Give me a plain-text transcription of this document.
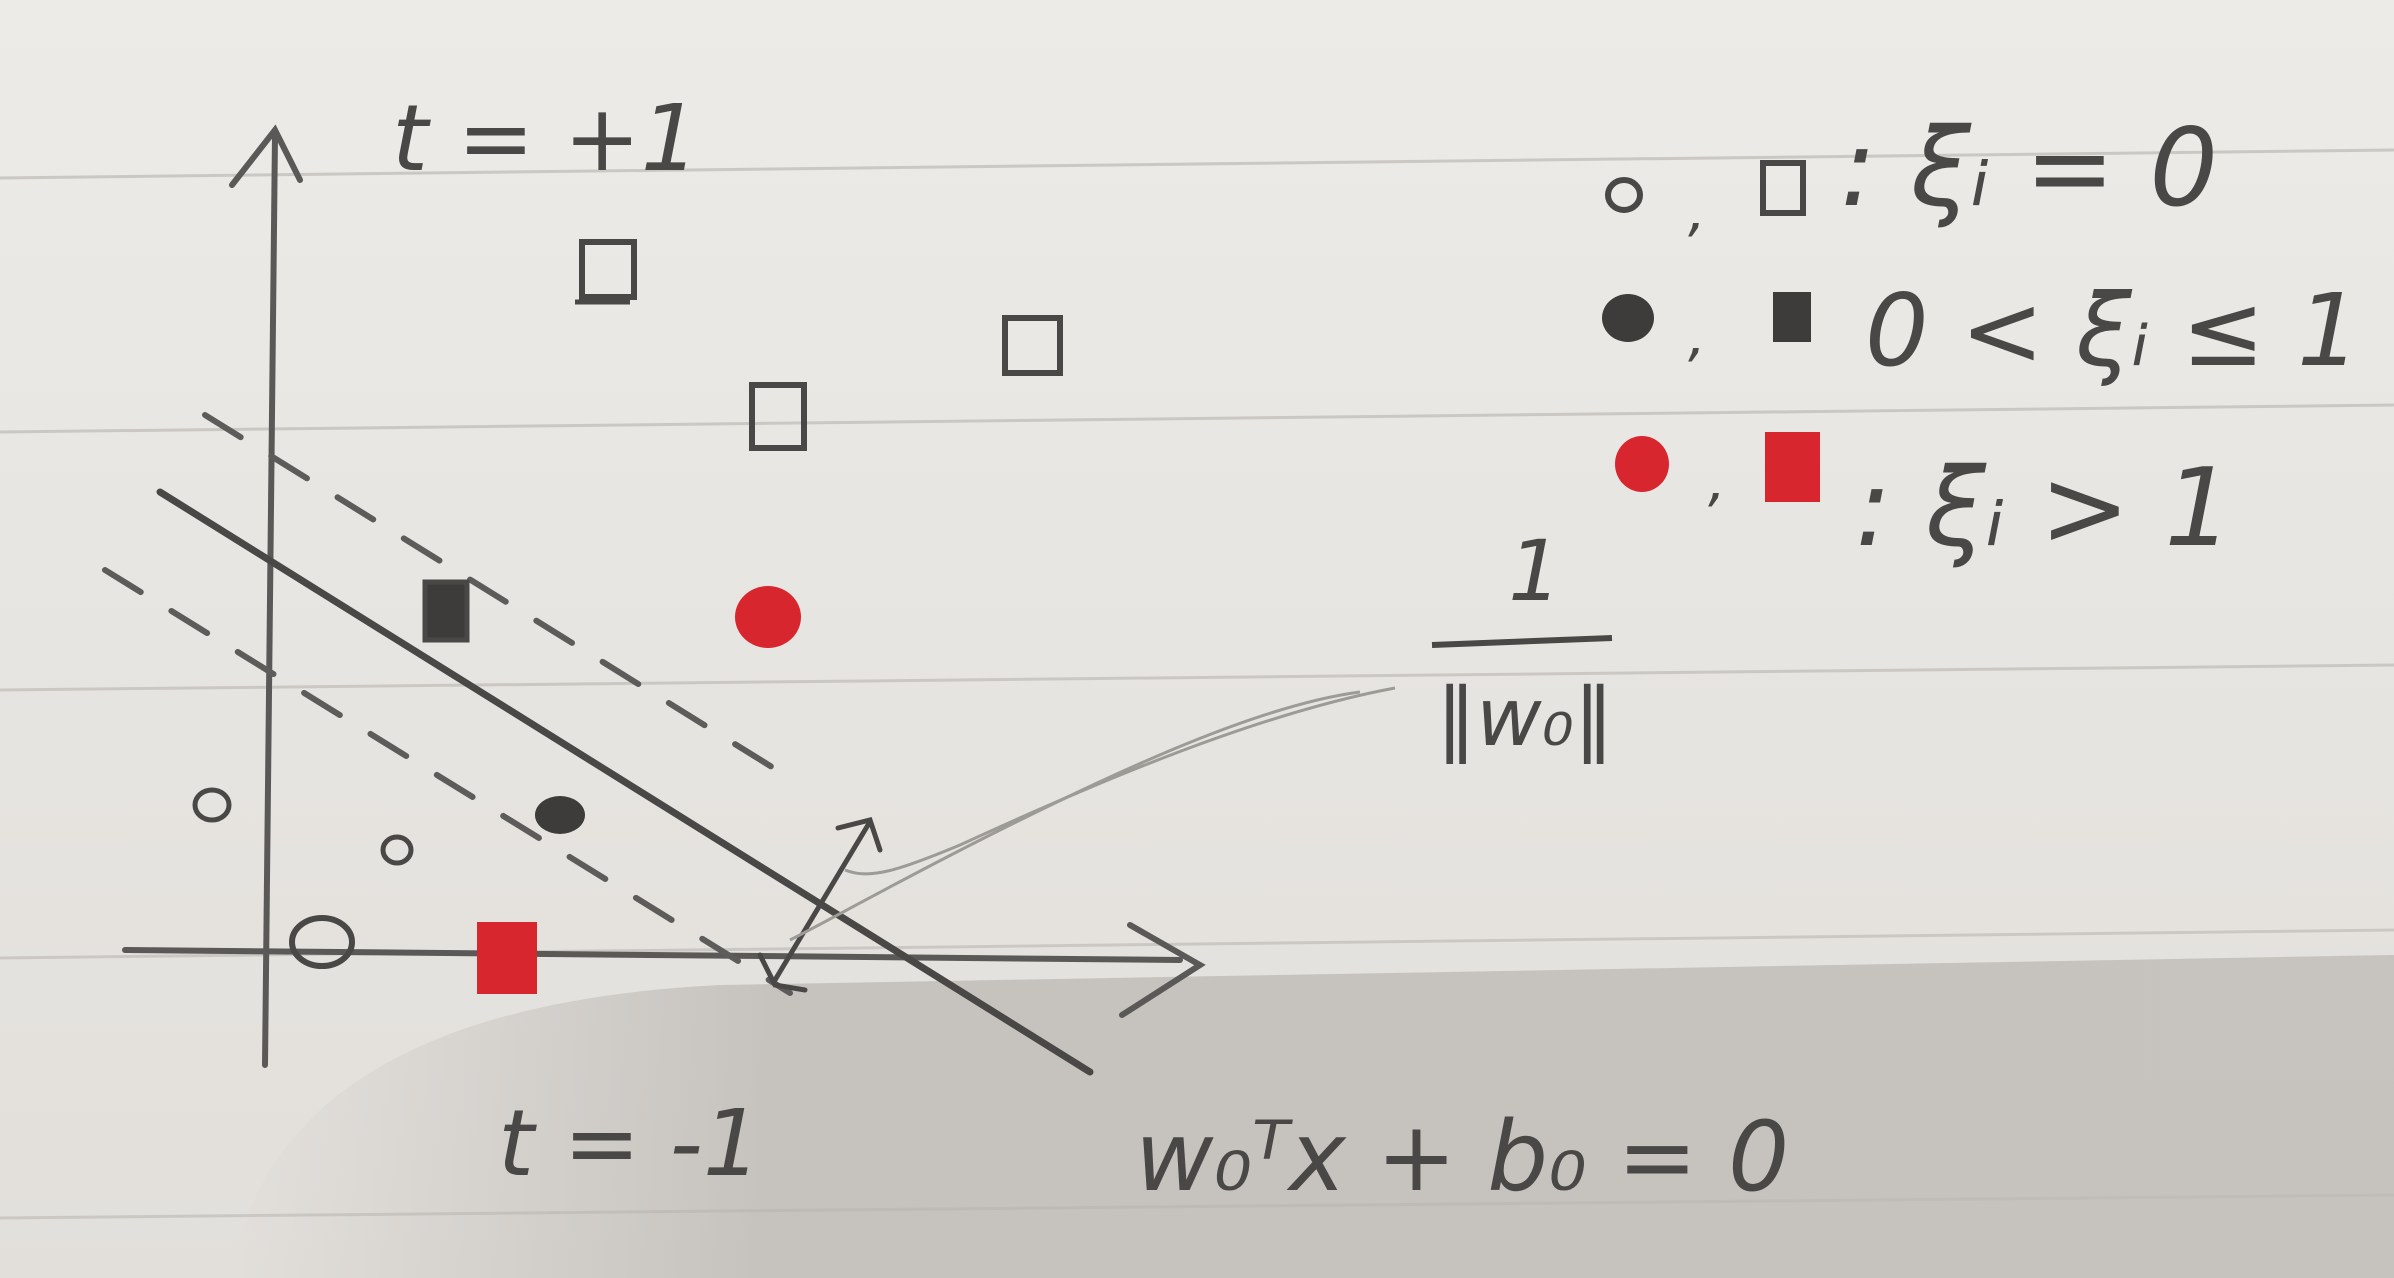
t = +1
t = -1	w₀ᵀx + b₀ = 0
1
‖w₀‖
, : ξᵢ = 0
, 0 < ξᵢ ≤ 1
, : ξᵢ > 1
